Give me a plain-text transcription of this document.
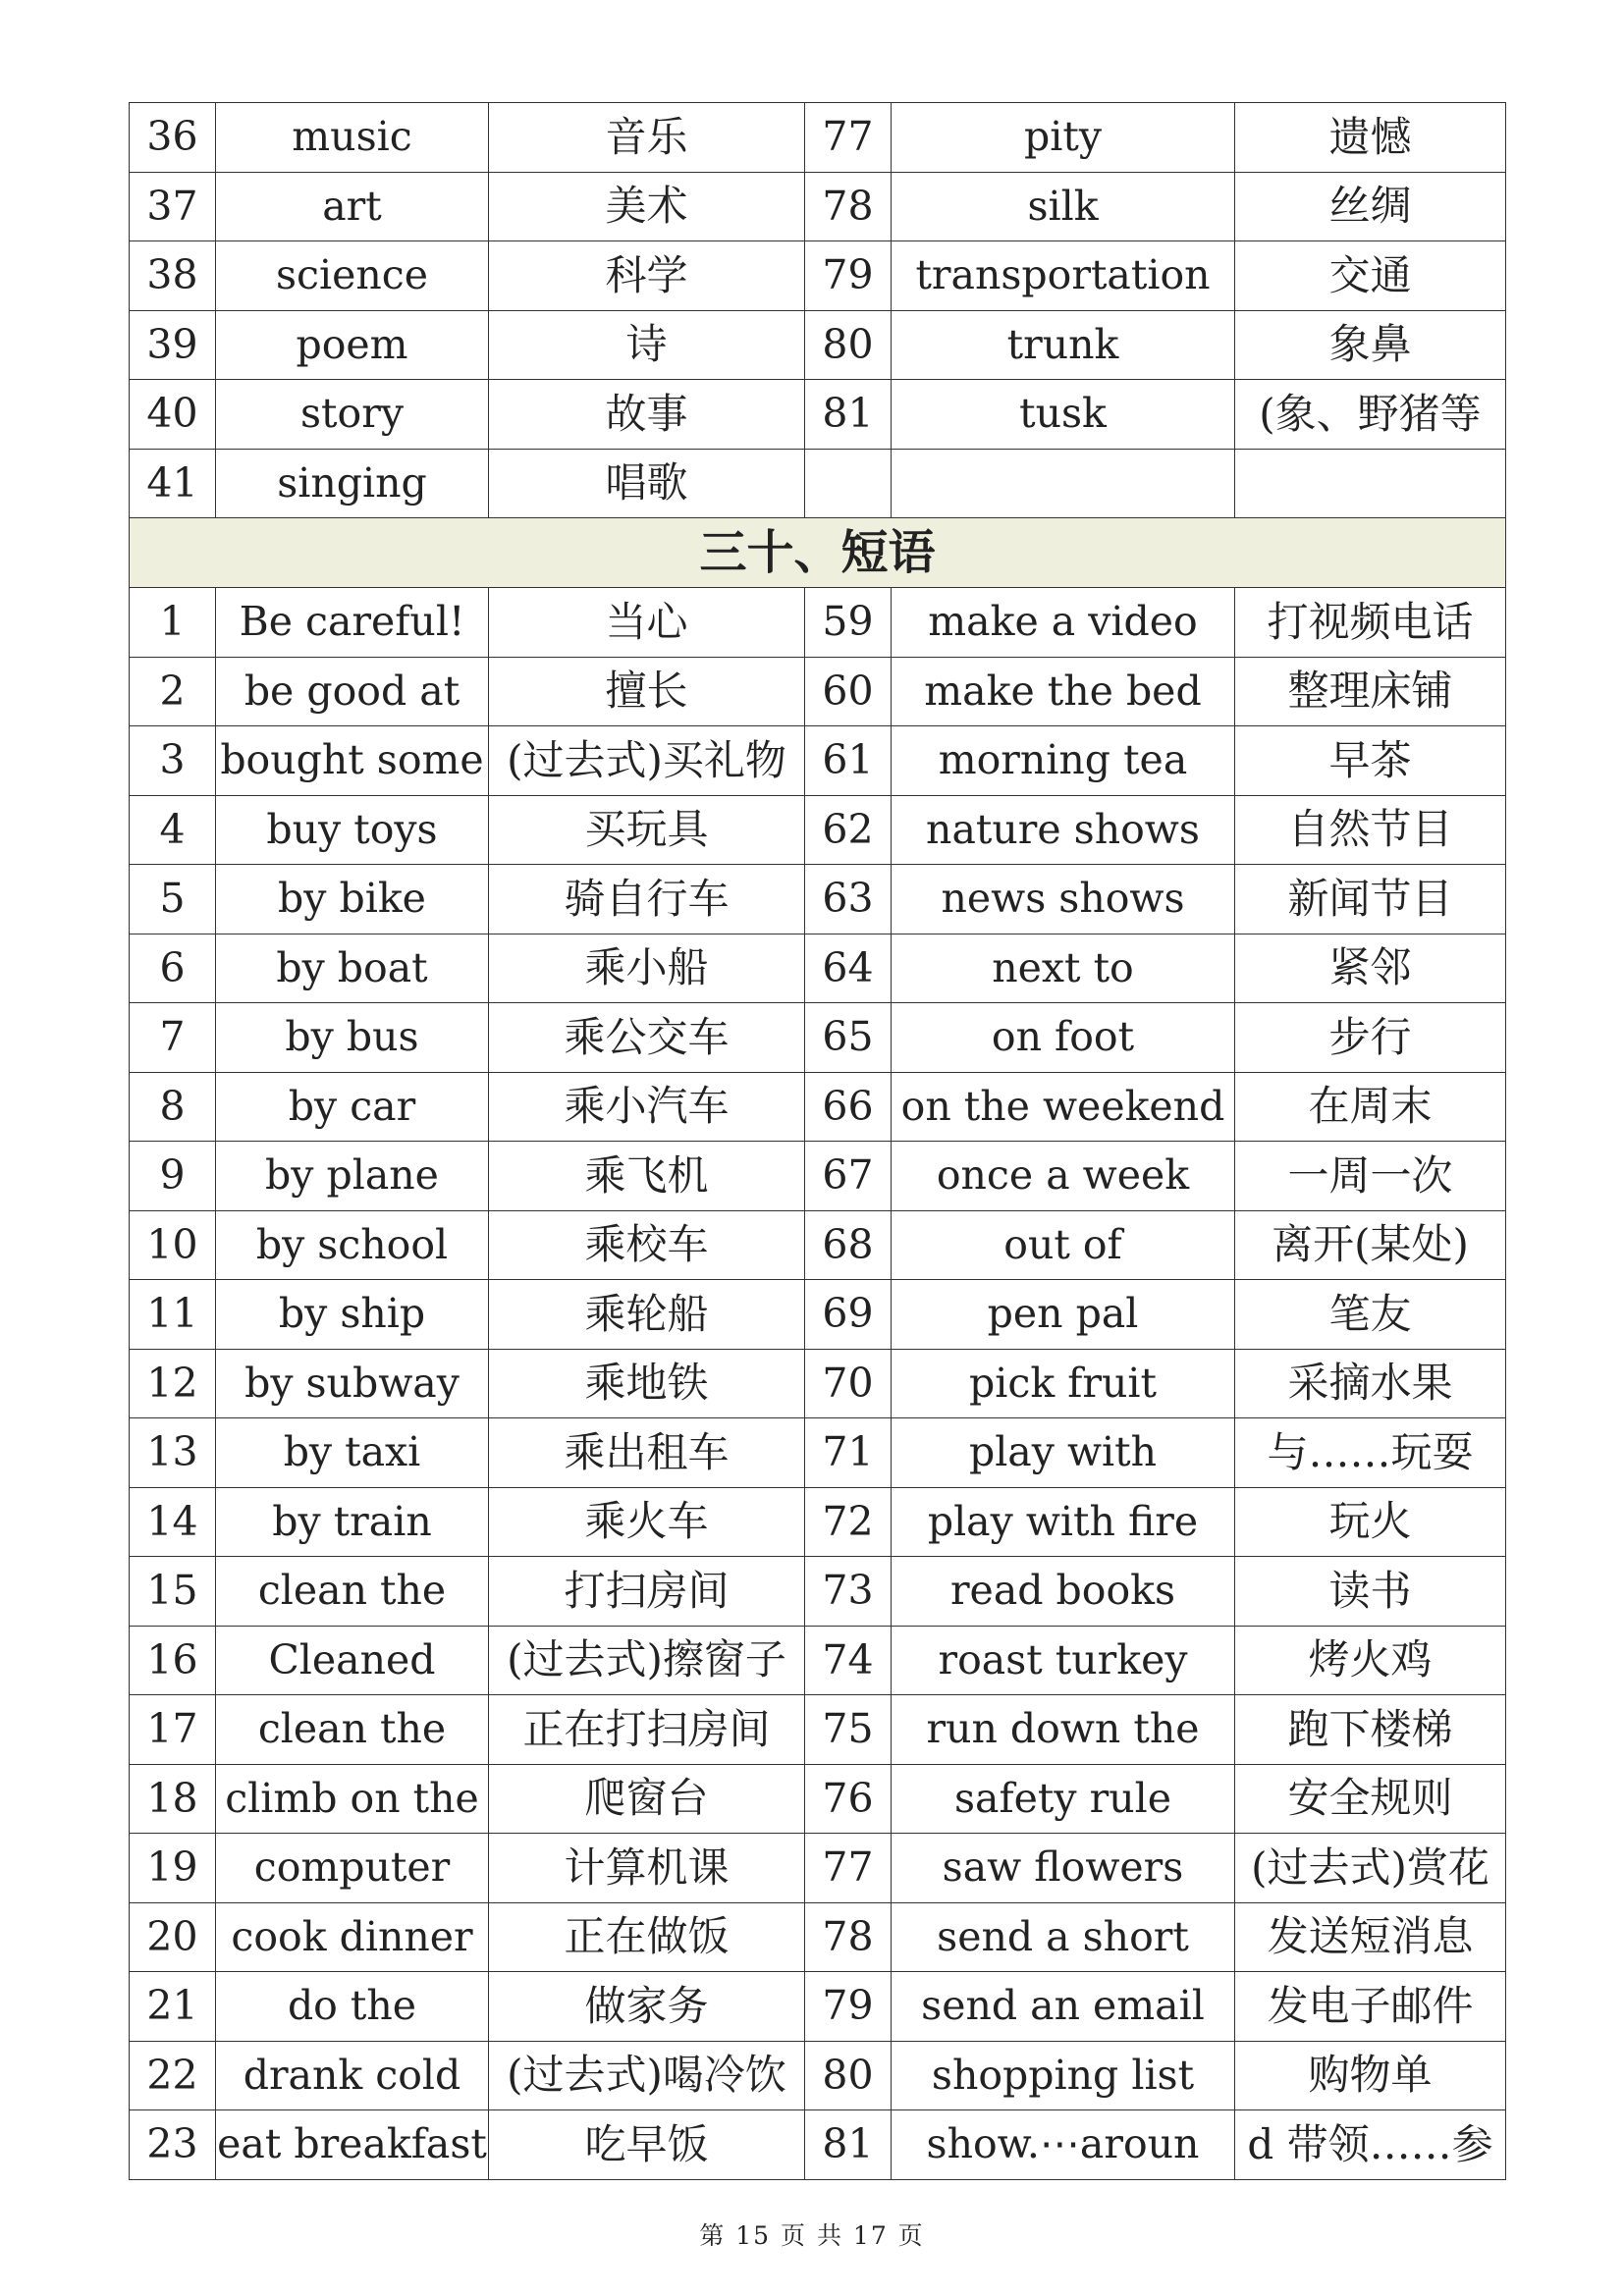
36	music	音乐	77	pity	遗憾
37	art	美术	78	silk	丝绸
38	science	科学	79	transportation	交通
39	poem	诗	80	trunk	象鼻
40	story	故事	81	tusk	(象、野猪等
41	singing	唱歌			
三十、短语					
1	Be careful!	当心	59	make a video	打视频电话
2	be good at	擅长	60	make the bed	整理床铺
3	bought some	(过去式)买礼物	61	morning tea	早茶
4	buy toys	买玩具	62	nature shows	自然节目
5	by bike	骑自行车	63	news shows	新闻节目
6	by boat	乘小船	64	next to	紧邻
7	by bus	乘公交车	65	on foot	步行
8	by car	乘小汽车	66	on the weekend	在周末
9	by plane	乘飞机	67	once a week	一周一次
10	by school	乘校车	68	out of	离开(某处)
11	by ship	乘轮船	69	pen pal	笔友
12	by subway	乘地铁	70	pick fruit	采摘水果
13	by taxi	乘出租车	71	play with	与……玩耍
14	by train	乘火车	72	play with fire	玩火
15	clean the	打扫房间	73	read books	读书
16	Cleaned	(过去式)擦窗子	74	roast turkey	烤火鸡
17	clean the	正在打扫房间	75	run down the	跑下楼梯
18	climb on the	爬窗台	76	safety rule	安全规则
19	computer	计算机课	77	saw flowers	(过去式)赏花
20	cook dinner	正在做饭	78	send a short	发送短消息
21	do the	做家务	79	send an email	发电子邮件
22	drank cold	(过去式)喝冷饮	80	shopping list	购物单
23	eat breakfast	吃早饭	81	show.⋯aroun	d 带领……参
第 15 页 共 17 页
